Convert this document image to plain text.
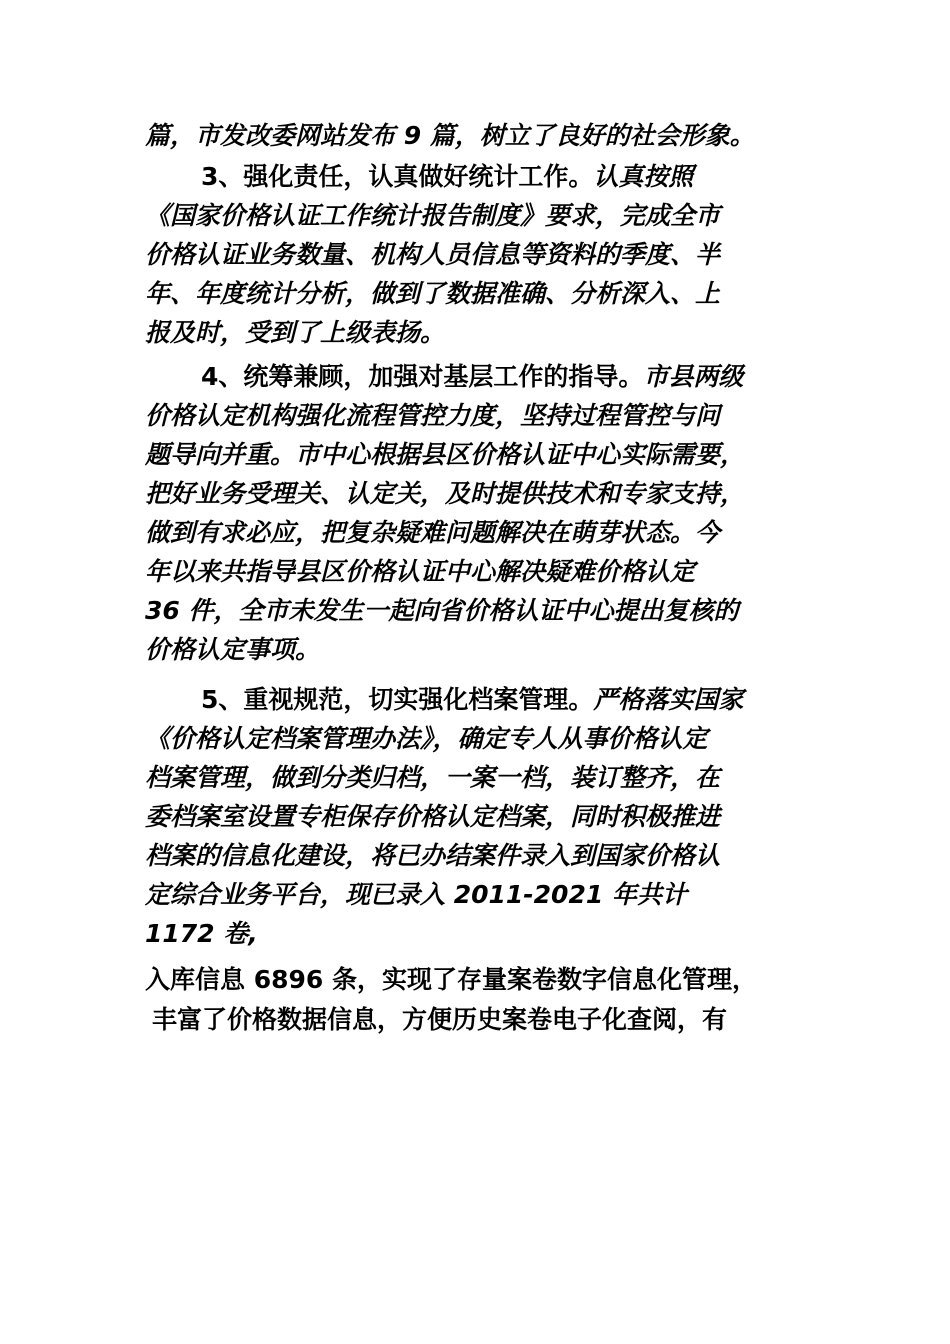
篇，市发改委网站发布 9 篇，树立了良好的社会形象。
3、强化责任，认真做好统计工作。认真按照
《国家价格认证工作统计报告制度》要求，完成全市
价格认证业务数量、机构人员信息等资料的季度、半
年、年度统计分析，做到了数据准确、分析深入、上
报及时，受到了上级表扬。
4、统筹兼顾，加强对基层工作的指导。市县两级
价格认定机构强化流程管控力度，坚持过程管控与问
题导向并重。市中心根据县区价格认证中心实际需要，
把好业务受理关、认定关，及时提供技术和专家支持，
做到有求必应，把复杂疑难问题解决在萌芽状态。今
年以来共指导县区价格认证中心解决疑难价格认定
36 件，全市未发生一起向省价格认证中心提出复核的
价格认定事项。
5、重视规范，切实强化档案管理。严格落实国家
《价格认定档案管理办法》，确定专人从事价格认定
档案管理，做到分类归档，一案一档，装订整齐，在
委档案室设置专柜保存价格认定档案，同时积极推进
档案的信息化建设，将已办结案件录入到国家价格认
定综合业务平台，现已录入 2011-2021 年共计
1172 卷,
入库信息 6896 条，实现了存量案卷数字信息化管理，
丰富了价格数据信息，方便历史案卷电子化查阅，有
